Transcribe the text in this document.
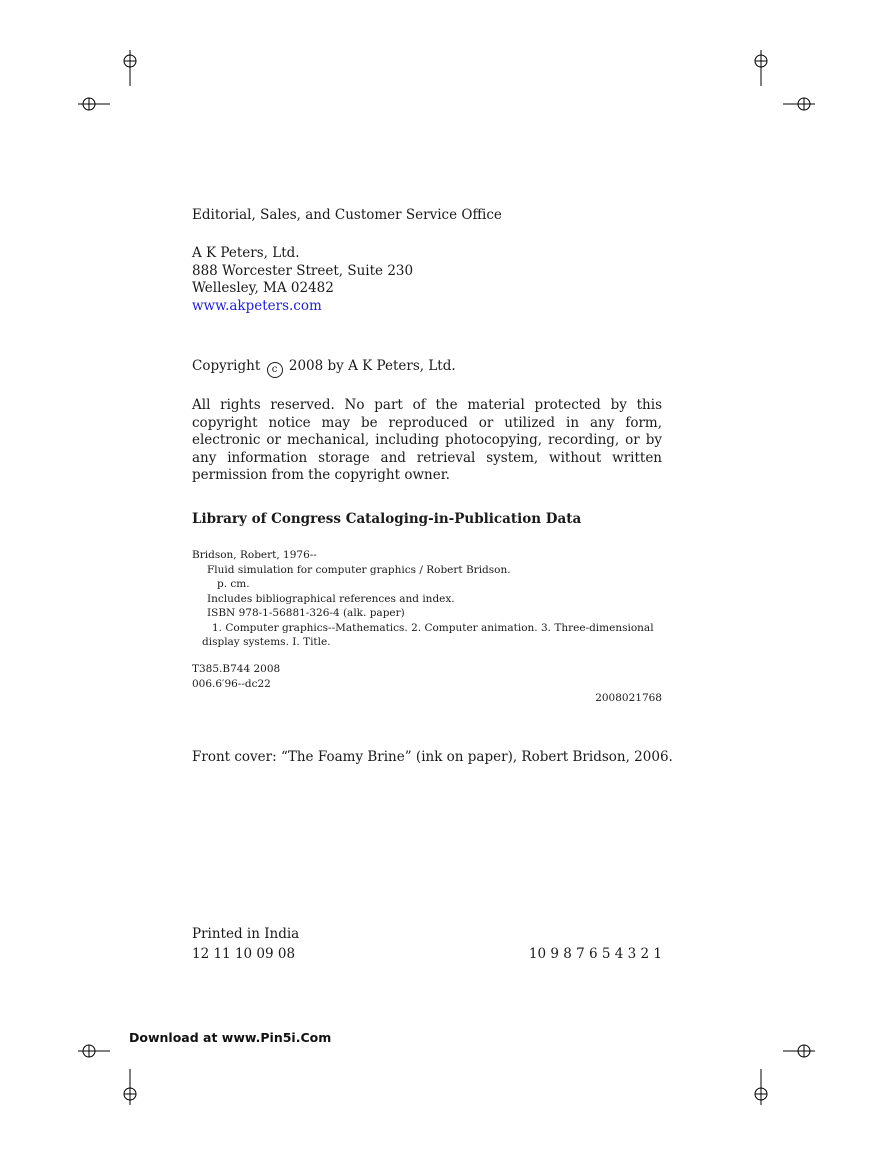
Editorial, Sales, and Customer Service Office
A K Peters, Ltd.
888 Worcester Street, Suite 230
Wellesley, MA 02482
www.akpeters.com
Copyright c 2008 by A K Peters, Ltd.
All rights reserved. No part of the material protected by this copyright notice may be reproduced or utilized in any form, electronic or mechanical, including photocopying, recording, or by any information storage and retrieval system, without written permission from the copyright owner.
Library of Congress Cataloging-in-Publication Data
Bridson, Robert, 1976--
Fluid simulation for computer graphics / Robert Bridson.
p. cm.
Includes bibliographical references and index.
ISBN 978-1-56881-326-4 (alk. paper)
1. Computer graphics--Mathematics. 2. Computer animation. 3. Three-dimensional
display systems. I. Title.
T385.B744 2008
006.6′96--dc22
2008021768
Front cover: “The Foamy Brine” (ink on paper), Robert Bridson, 2006.
Printed in India
12 11 10 09 08	10 9 8 7 6 5 4 3 2 1
Download at www.Pin5i.Com
